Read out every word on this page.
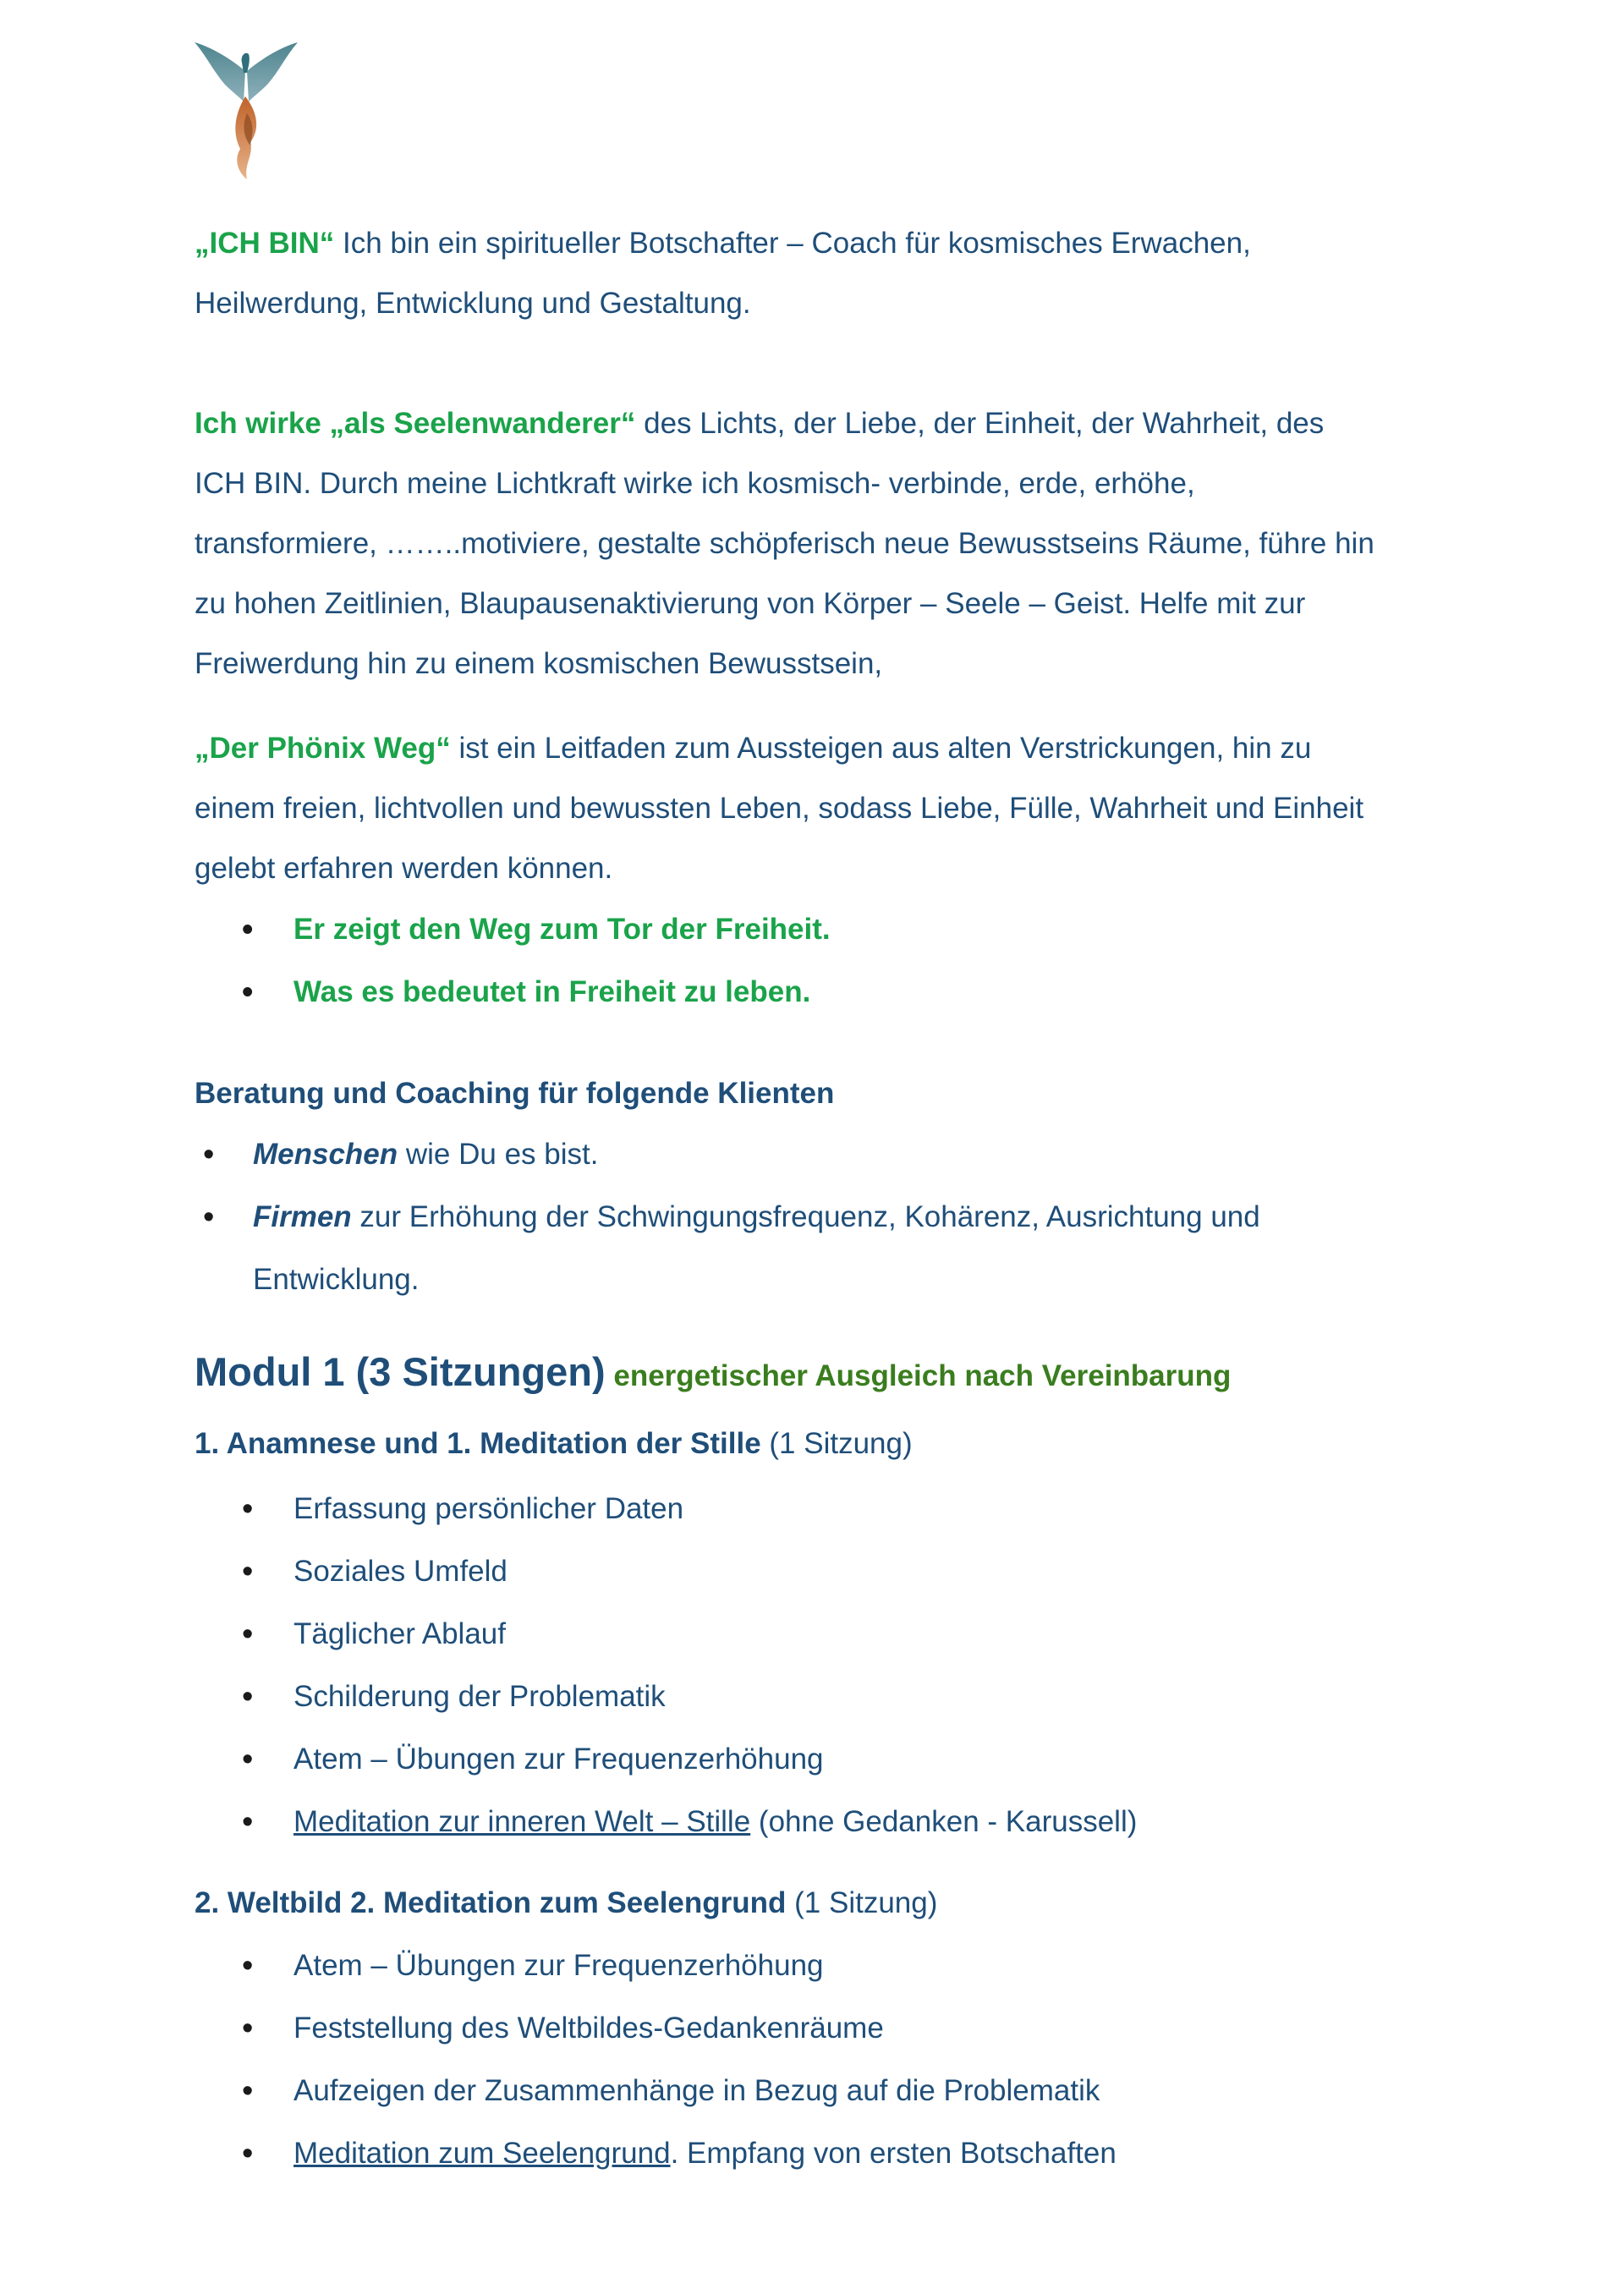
„ICH BIN“ Ich bin ein spiritueller Botschafter – Coach für kosmisches Erwachen,

Heilwerdung, Entwicklung und Gestaltung.

Ich wirke „als Seelenwanderer“ des Lichts, der Liebe, der Einheit, der Wahrheit, des

ICH BIN. Durch meine Lichtkraft wirke ich kosmisch- verbinde, erde, erhöhe,

transformiere, ……..motiviere, gestalte schöpferisch neue Bewusstseins Räume, führe hin

zu hohen Zeitlinien, Blaupausenaktivierung von Körper – Seele – Geist. Helfe mit zur

Freiwerdung hin zu einem kosmischen Bewusstsein,

„Der Phönix Weg“ ist ein Leitfaden zum Aussteigen aus alten Verstrickungen, hin zu

einem freien, lichtvollen und bewussten Leben, sodass Liebe, Fülle, Wahrheit und Einheit

gelebt erfahren werden können.

• Er zeigt den Weg zum Tor der Freiheit.
• Was es bedeutet in Freiheit zu leben.

Beratung und Coaching für folgende Klienten

• Menschen wie Du es bist.
• Firmen zur Erhöhung der Schwingungsfrequenz, Kohärenz, Ausrichtung und
Entwicklung.
Modul 1 (3 Sitzungen) energetischer Ausgleich nach Vereinbarung

1. Anamnese und 1. Meditation der Stille (1 Sitzung)

• Erfassung persönlicher Daten
• Soziales Umfeld
• Täglicher Ablauf
• Schilderung der Problematik
• Atem – Übungen zur Frequenzerhöhung
• Meditation zur inneren Welt – Stille (ohne Gedanken - Karussell)

2. Weltbild 2. Meditation zum Seelengrund (1 Sitzung)

• Atem – Übungen zur Frequenzerhöhung
• Feststellung des Weltbildes-Gedankenräume
• Aufzeigen der Zusammenhänge in Bezug auf die Problematik
• Meditation zum Seelengrund. Empfang von ersten Botschaften
